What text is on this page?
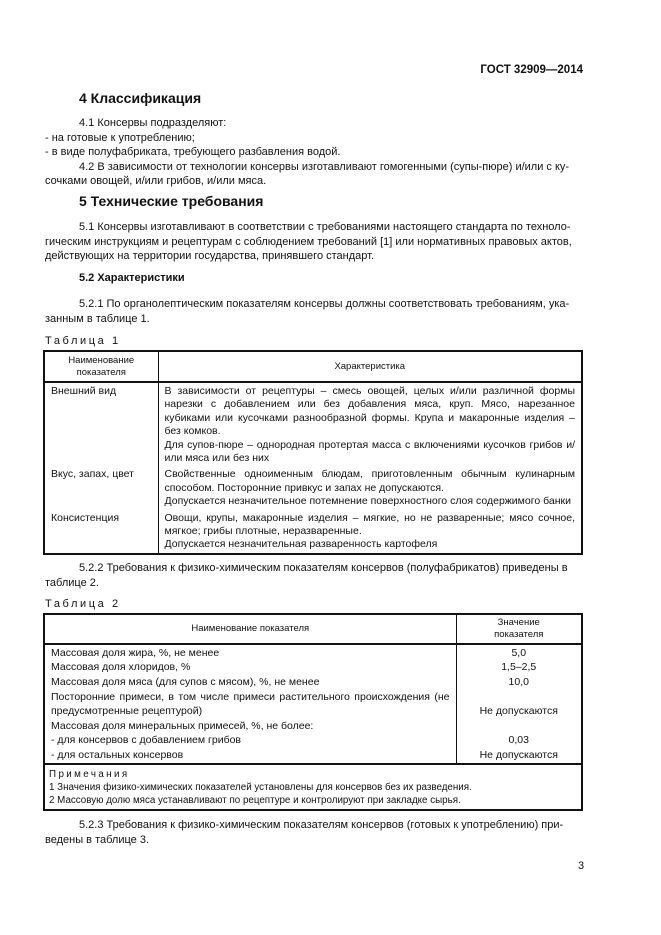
ГОСТ 32909—2014
4 Классификация
4.1 Консервы подразделяют:
- на готовые к употреблению;
- в виде полуфабриката, требующего разбавления водой.
4.2 В зависимости от технологии консервы изготавливают гомогенными (супы-пюре) и/или с ку-
сочками овощей, и/или грибов, и/или мяса.
5 Технические требования
5.1 Консервы изготавливают в соответствии с требованиями настоящего стандарта по техноло-
гическим инструкциям и рецептурам с соблюдением требований [1] или нормативных правовых актов,
действующих на территории государства, принявшего стандарт.
5.2 Характеристики
5.2.1 По органолептическим показателям консервы должны соответствовать требованиям, ука-
занным в таблице 1.
Таблица 1
Наименование показателя	Характеристика
Внешний вид	В зависимости от рецептуры – смесь овощей, целых и/или различной формы нарезки с добавлением или без добавления мяса, круп. Мясо, нарезанное кубиками или кусочками разнообразной формы. Крупа и макаронные изделия – без комков.
Для супов-пюре – однородная протертая масса с включениями кусочков грибов и/или мяса или без них

Вкус, запах, цвет	Свойственные одноименным блюдам, приготовленным обычным кулинарным способом. Посторонние привкус и запах не допускаются.
Допускается незначительное потемнение поверхностного слоя содержимого банки

Консистенция	Овощи, крупы, макаронные изделия – мягкие, но не разваренные; мясо сочное, мягкое; грибы плотные, неразваренные.
Допускается незначительная разваренность картофеля
5.2.2 Требования к физико-химическим показателям консервов (полуфабрикатов) приведены в
таблице 2.
Таблица 2
Наименование показателя	Значение показателя
Массовая доля жира, %, не менее	5,0
Массовая доля хлоридов, %	1,5–2,5
Массовая доля мяса (для супов с мясом), %, не менее	10,0
Посторонние примеси, в том числе примеси растительного происхождения (не предусмотренные рецептурой)	Не допускаются
Массовая доля минеральных примесей, %, не более:	
- для консервов с добавлением грибов	0,03
- для остальных консервов	Не допускаются

Примечания
1 Значения физико-химических показателей установлены для консервов без их разведения.
2 Массовую долю мяса устанавливают по рецептуре и контролируют при закладке сырья.	
5.2.3 Требования к физико-химическим показателям консервов (готовых к употреблению) при-
ведены в таблице 3.
3
